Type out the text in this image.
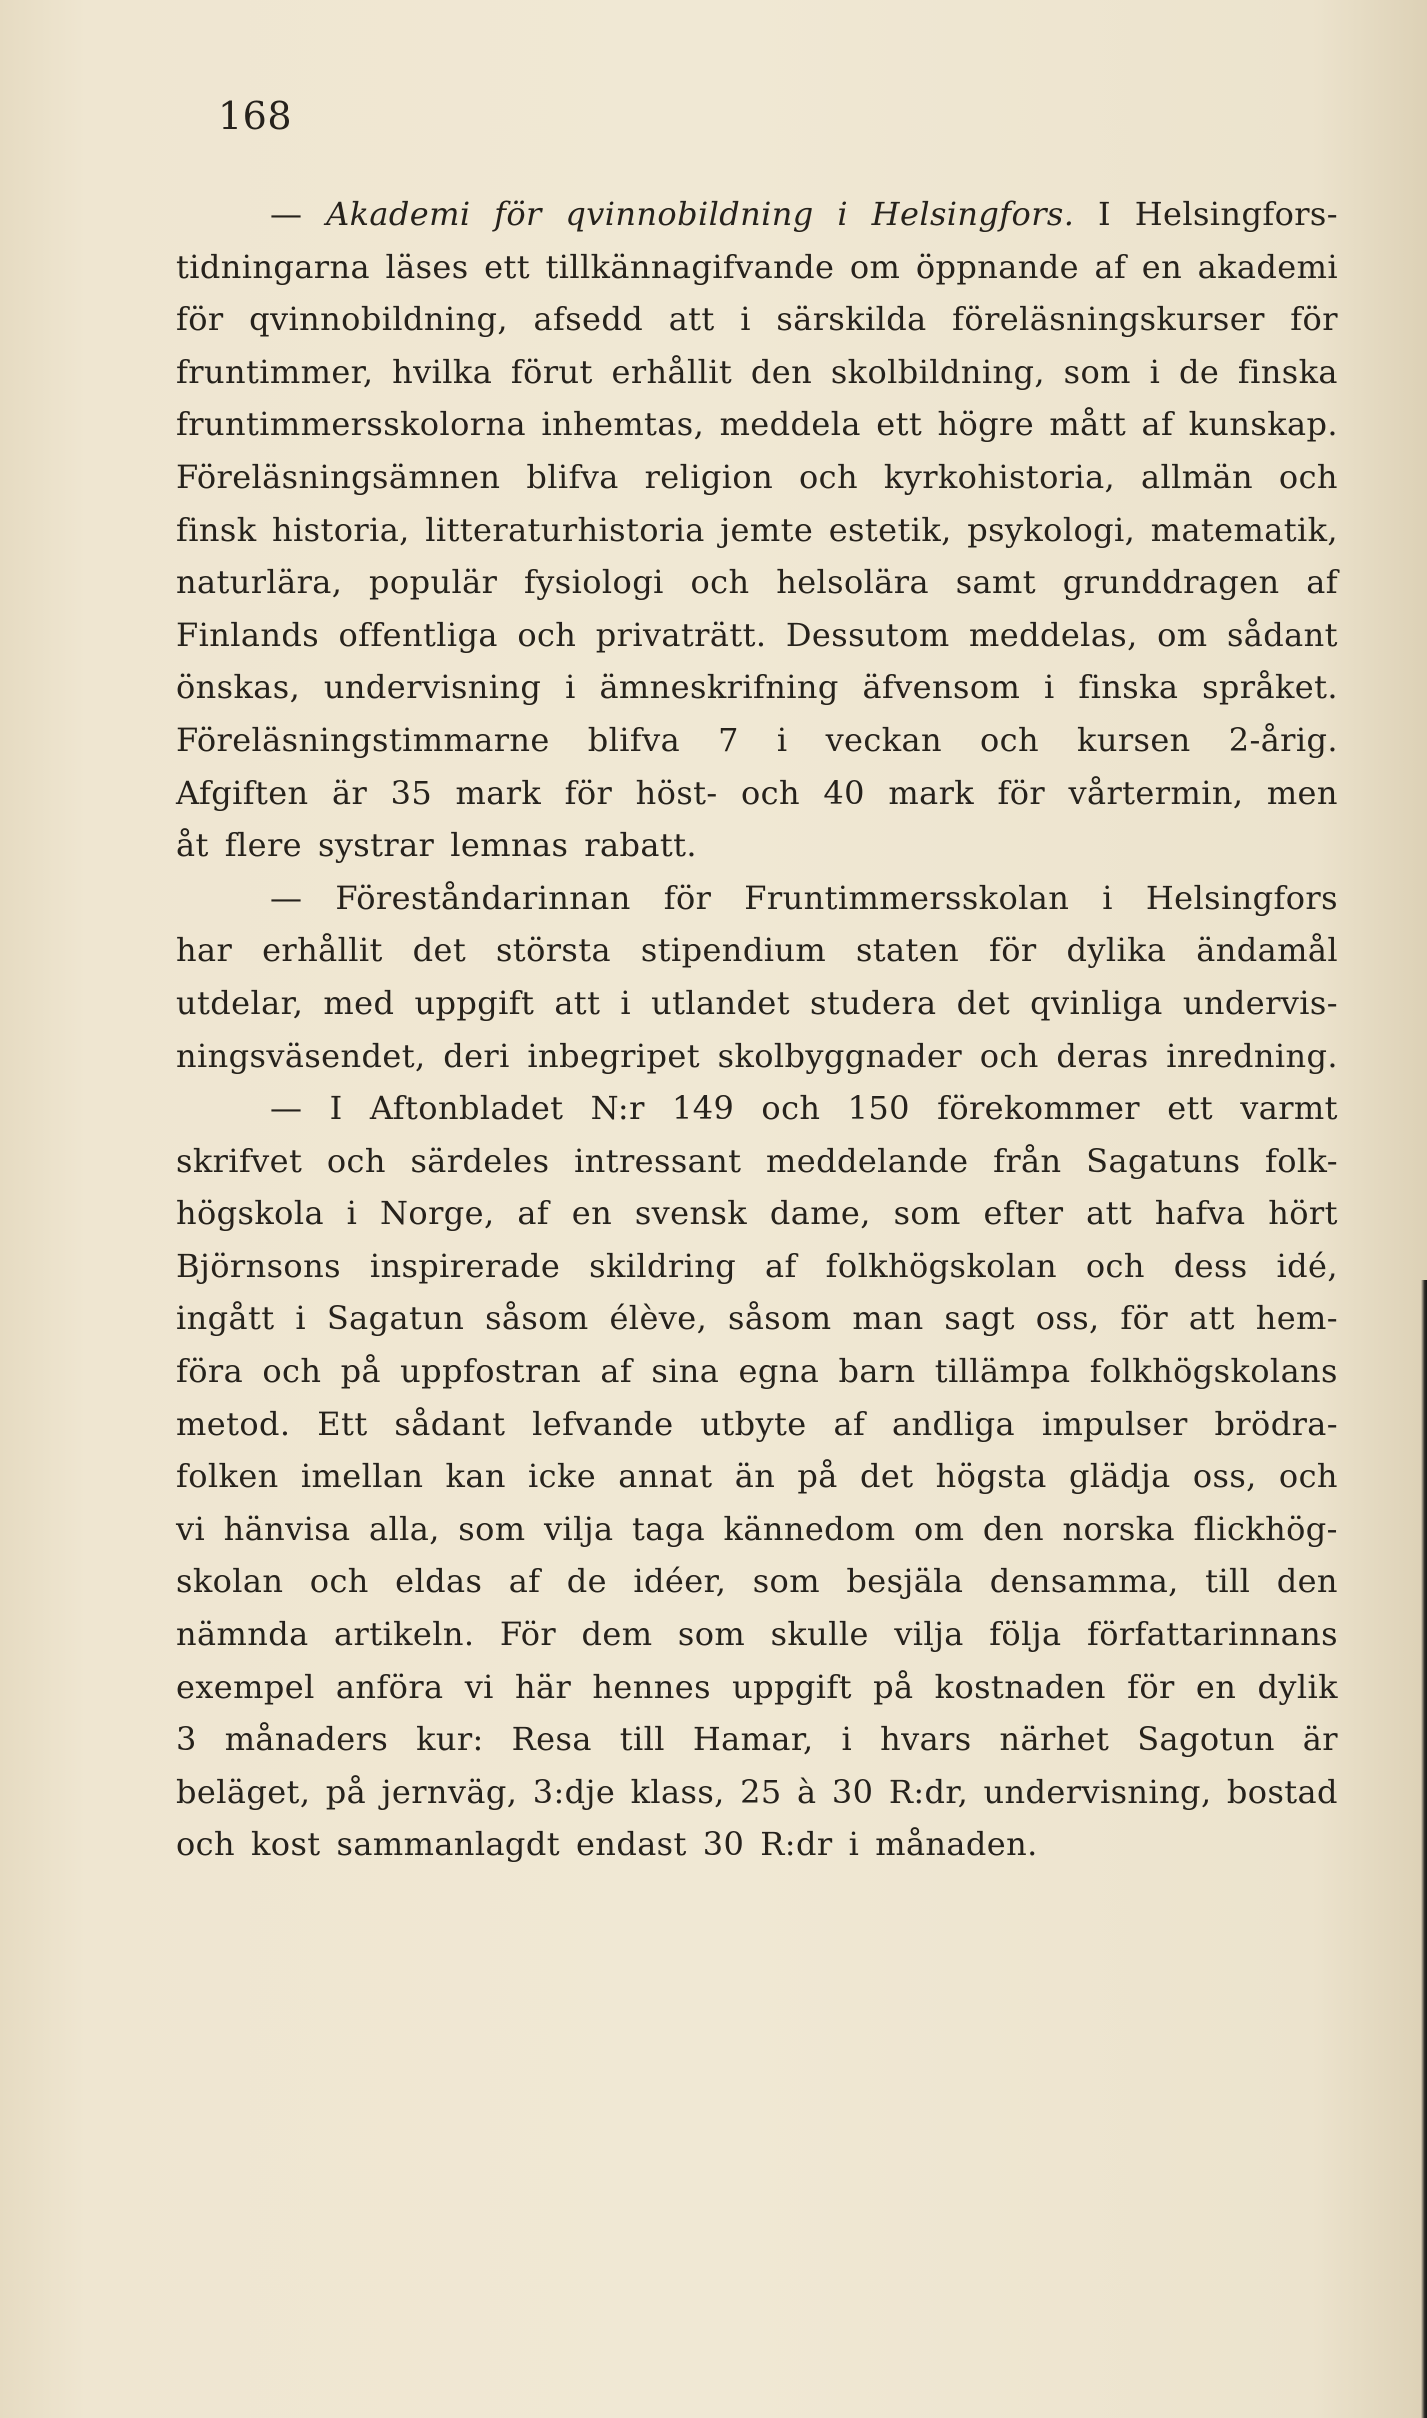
168
— Akademi för qvinnobildning i Helsingfors. I Helsingfors-
tidningarna läses ett tillkännagifvande om öppnande af en akademi
för qvinnobildning, afsedd att i särskilda föreläsningskurser för
fruntimmer, hvilka förut erhållit den skolbildning, som i de finska
fruntimmersskolorna inhemtas, meddela ett högre mått af kunskap.
Föreläsningsämnen blifva religion och kyrkohistoria, allmän och
finsk historia, litteraturhistoria jemte estetik, psykologi, matematik,
naturlära, populär fysiologi och helsolära samt grunddragen af
Finlands offentliga och privaträtt. Dessutom meddelas, om sådant
önskas, undervisning i ämneskrifning äfvensom i finska språket.
Föreläsningstimmarne blifva 7 i veckan och kursen 2-årig.
Afgiften är 35 mark för höst- och 40 mark för vårtermin, men
åt flere systrar lemnas rabatt.
— Föreståndarinnan för Fruntimmersskolan i Helsingfors
har erhållit det största stipendium staten för dylika ändamål
utdelar, med uppgift att i utlandet studera det qvinliga undervis-
ningsväsendet, deri inbegripet skolbyggnader och deras inredning.
— I Aftonbladet N:r 149 och 150 förekommer ett varmt
skrifvet och särdeles intressant meddelande från Sagatuns folk-
högskola i Norge, af en svensk dame, som efter att hafva hört
Björnsons inspirerade skildring af folkhögskolan och dess idé,
ingått i Sagatun såsom élève, såsom man sagt oss, för att hem-
föra och på uppfostran af sina egna barn tillämpa folkhögskolans
metod. Ett sådant lefvande utbyte af andliga impulser brödra-
folken imellan kan icke annat än på det högsta glädja oss, och
vi hänvisa alla, som vilja taga kännedom om den norska flickhög-
skolan och eldas af de idéer, som besjäla densamma, till den
nämnda artikeln. För dem som skulle vilja följa författarinnans
exempel anföra vi här hennes uppgift på kostnaden för en dylik
3 månaders kur: Resa till Hamar, i hvars närhet Sagotun är
beläget, på jernväg, 3:dje klass, 25 à 30 R:dr, undervisning, bostad
och kost sammanlagdt endast 30 R:dr i månaden.
